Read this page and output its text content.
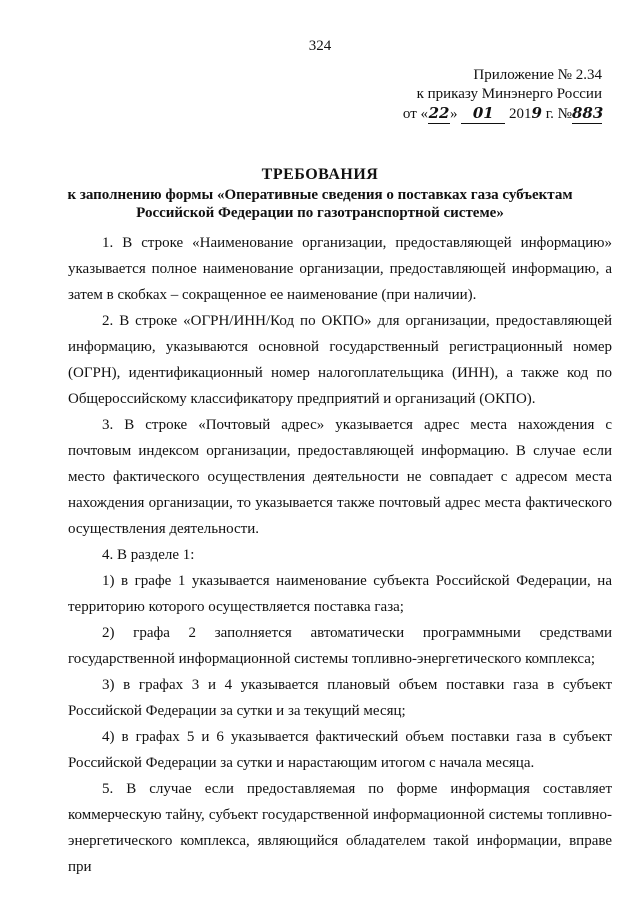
324
Приложение № 2.34
к приказу Минэнерго России
от «22» 01 2019 г. №883
ТРЕБОВАНИЯ
к заполнению формы «Оперативные сведения о поставках газа субъектам
Российской Федерации по газотранспортной системе»

1. В строке «Наименование организации, предоставляющей информацию» указывается полное наименование организации, предоставляющей информацию, а затем в скобках – сокращенное ее наименование (при наличии).

2. В строке «ОГРН/ИНН/Код по ОКПО» для организации, предоставляющей информацию, указываются основной государственный регистрационный номер (ОГРН), идентификационный номер налогоплательщика (ИНН), а также код по Общероссийскому классификатору предприятий и организаций (ОКПО).

3. В строке «Почтовый адрес» указывается адрес места нахождения с почтовым индексом организации, предоставляющей информацию. В случае если место фактического осуществления деятельности не совпадает с адресом места нахождения организации, то указывается также почтовый адрес места фактического осуществления деятельности.

4. В разделе 1:

1) в графе 1 указывается наименование субъекта Российской Федерации, на территорию которого осуществляется поставка газа;

2) графа 2 заполняется автоматически программными средствами государственной информационной системы топливно-энергетического комплекса;

3) в графах 3 и 4 указывается плановый объем поставки газа в субъект Российской Федерации за сутки и за текущий месяц;

4) в графах 5 и 6 указывается фактический объем поставки газа в субъект Российской Федерации за сутки и нарастающим итогом с начала месяца.

5. В случае если предоставляемая по форме информация составляет коммерческую тайну, субъект государственной информационной системы топливно-энергетического комплекса, являющийся обладателем такой информации, вправе при
